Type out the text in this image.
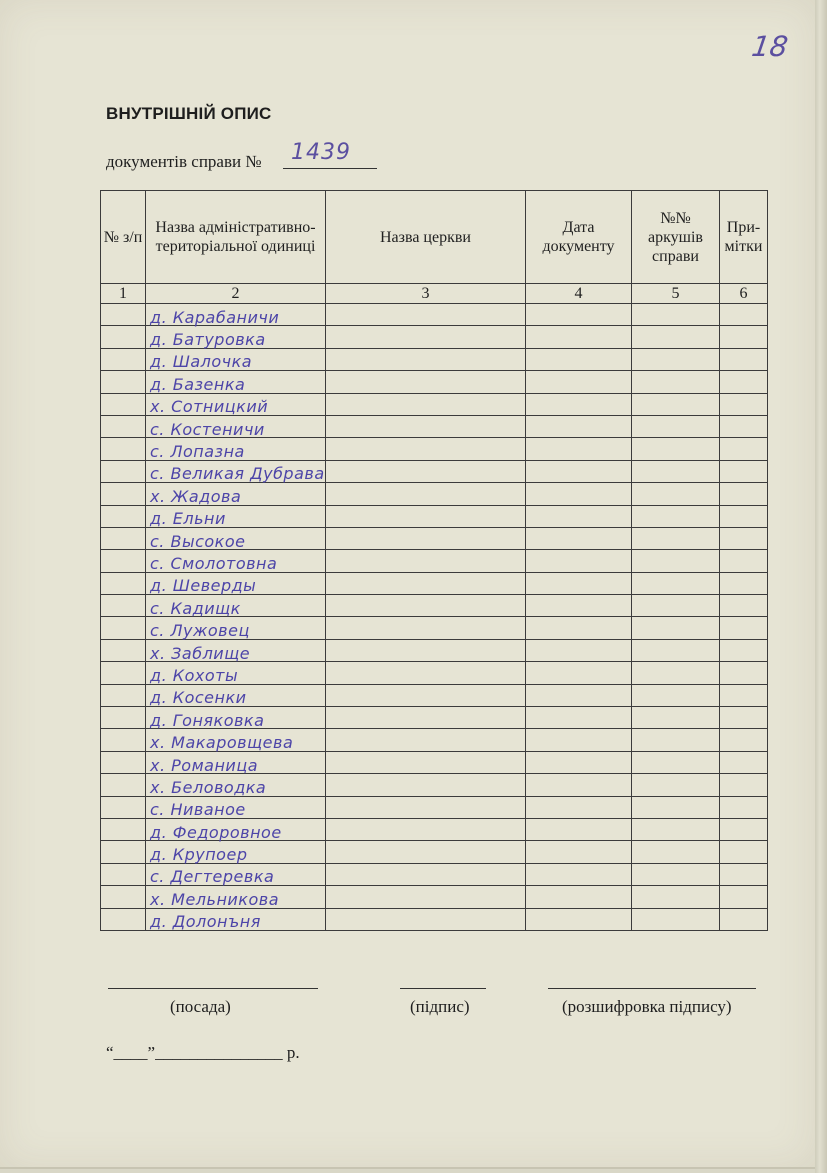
18
ВНУТРІШНІЙ ОПИС
документів справи №	1439
№ з/п	Назва адміністративно-територіальної одиниці	Назва церкви	Дата документу	№№ аркушів справи	При-мітки
1	2	3	4	5	6
	д. Карабаничи				
	д. Батуровка				
	д. Шалочка				
	д. Базенка				
	х. Сотницкий				
	с. Костеничи				
	с. Лопазна				
	с. Великая Дубрава				
	х. Жадова				
	д. Ельни				
	с. Высокое				
	с. Смолотовна				
	д. Шеверды				
	с. Кадищк				
	с. Лужовец				
	х. Заблище				
	д. Кохоты				
	д. Косенки				
	д. Гоняковка				
	х. Макаровщева				
	х. Романица				
	х. Беловодка				
	с. Ниваное				
	д. Федоровное				
	д. Крупоер				
	с. Дегтеревка				
	х. Мельникова				
	д. Долонъня				
(посада)	(підпис)	(розшифровка підпису)
“____”_______________ р.
